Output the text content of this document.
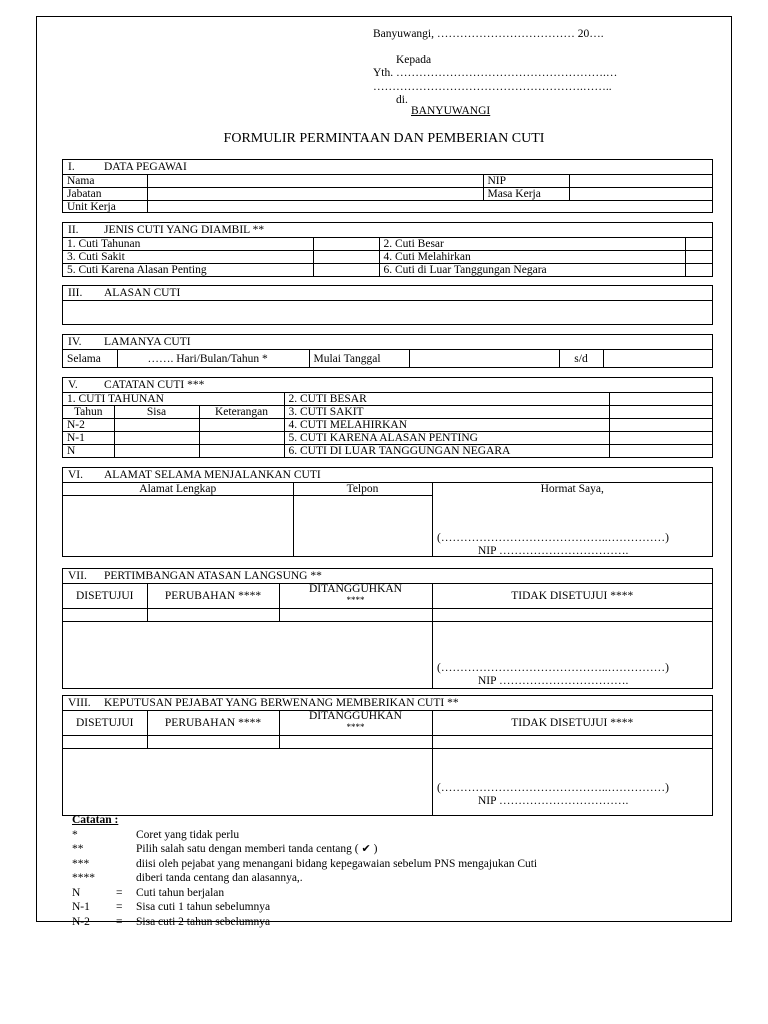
Banyuwangi, ……………………………… 20….
Kepada
Yth. ……………………………………………….…
……………………………………………….……..
di.
BANYUWANGI
FORMULIR PERMINTAAN DAN PEMBERIAN CUTI
I.	DATA PEGAWAI
Nama		NIP	
Jabatan		Masa Kerja	
Unit Kerja			
II. JENIS CUTI YANG DIAMBIL **
1. Cuti Tahunan		2. Cuti Besar	
3. Cuti Sakit		4. Cuti Melahirkan	
5. Cuti Karena Alasan Penting		6. Cuti di Luar Tanggungan Negara	
III. ALASAN CUTI
IV. LAMANYA CUTI
Selama	……. Hari/Bulan/Tahun *	Mulai Tanggal		s/d	
V. CATATAN CUTI ***
1. CUTI TAHUNAN			2. CUTI BESAR	
Tahun	Sisa	Keterangan	3. CUTI SAKIT	
N-2			4. CUTI MELAHIRKAN	
N-1			5. CUTI KARENA ALASAN PENTING	
N			6. CUTI DI LUAR TANGGUNGAN NEGARA	
VI. ALAMAT SELAMA MENJALANKAN CUTI
Alamat Lengkap	Telpon	Hormat Saya,

(……………………………………..……………)
NIP …………………………….
VII. PERTIMBANGAN ATASAN LANGSUNG **
DISETUJUI	PERUBAHAN ****	DITANGGUHKAN
****	TIDAK DISETUJUI ****

(……………………………………..……………)
NIP …………………………….
VIII. KEPUTUSAN PEJABAT YANG BERWENANG MEMBERIKAN CUTI **
DISETUJUI	PERUBAHAN ****	DITANGGUHKAN
****	TIDAK DISETUJUI ****

(……………………………………..……………)
NIP …………………………….
Catatan :
*	Coret yang tidak perlu
**	Pilih salah satu dengan memberi tanda centang ( ✔ )
***	diisi oleh pejabat yang menangani bidang kepegawaian sebelum PNS mengajukan Cuti
****	diberi tanda centang dan alasannya,.
N	= Cuti tahun berjalan
N-1 = Sisa cuti 1 tahun sebelumnya
N-2 = Sisa cuti 2 tahun sebelumnya
